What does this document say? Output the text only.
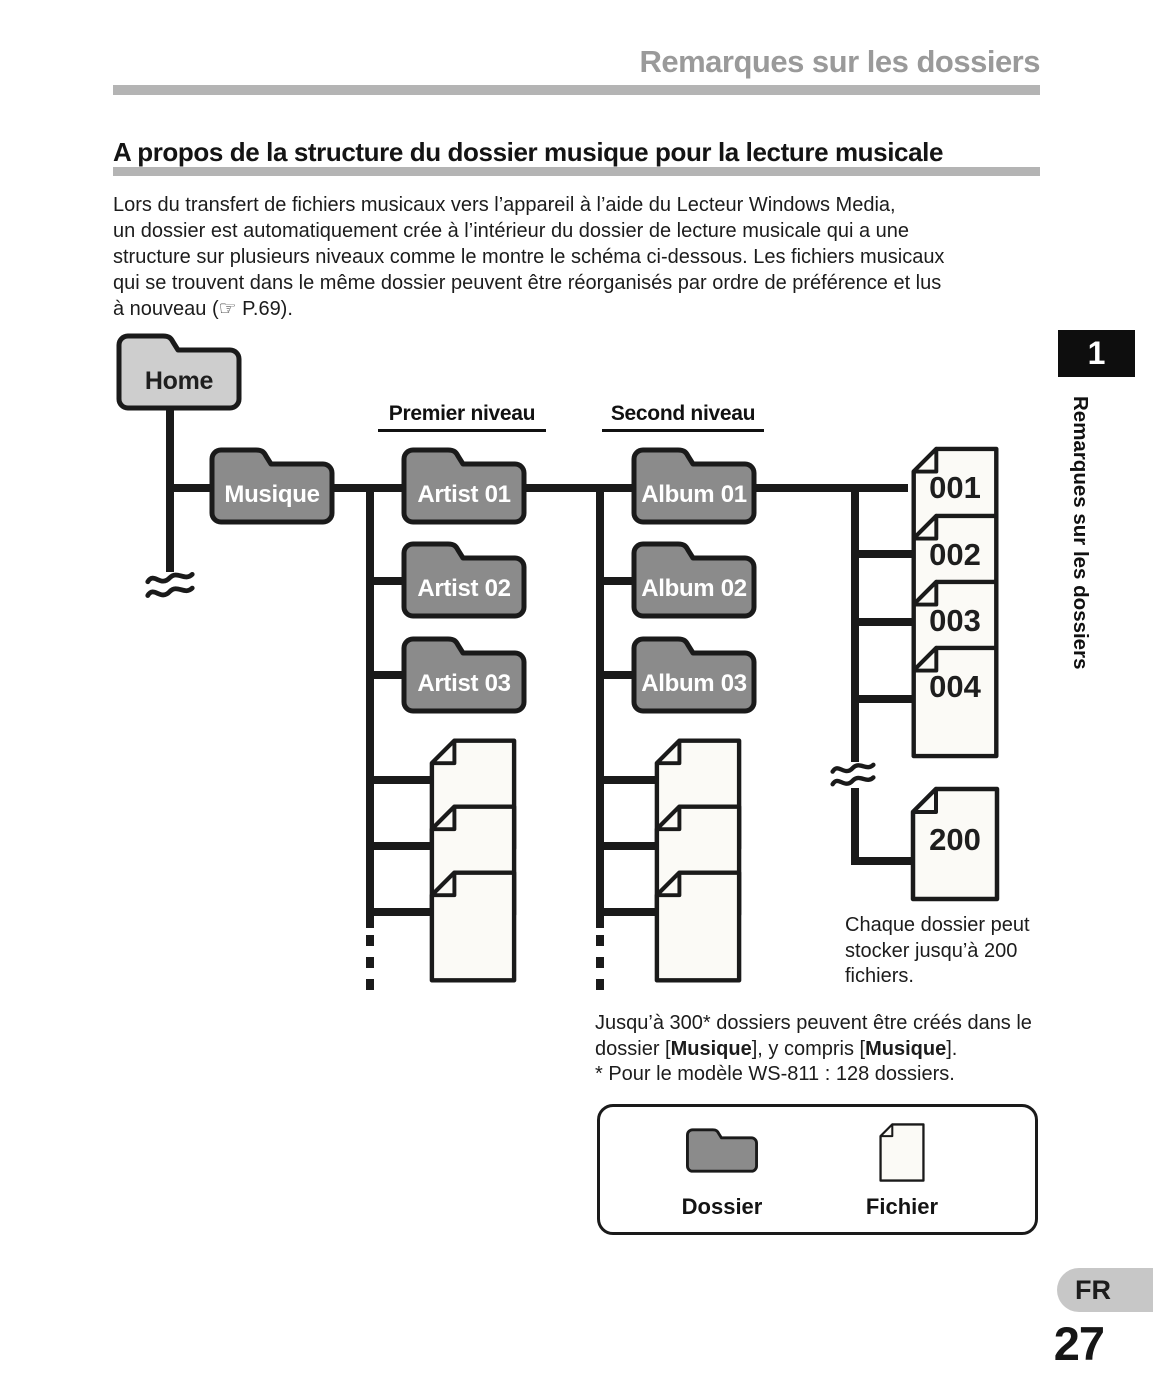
Remarques sur les dossiers
A propos de la structure du dossier musique pour la lecture musicale
Lors du transfert de fichiers musicaux vers l’appareil à l’aide du Lecteur Windows Media,
un dossier est automatiquement crée à l’intérieur du dossier de lecture musicale qui a une
structure sur plusieurs niveaux comme le montre le schéma ci-dessous. Les fichiers musicaux
qui se trouvent dans le même dossier peuvent être réorganisés par ordre de préférence et lus
à nouveau (☞ P.69).
Premier niveau	Second niveau
Home
Musique	Artist 01
Artist 02
Artist 03
Album 01
Album 02
Album 03
001
002
003
004
200
Chaque dossier peut
stocker jusqu’à 200
fichiers.
Jusqu’à 300* dossiers peuvent être créés dans le
dossier [Musique], y compris [Musique].
* Pour le modèle WS-811 : 128 dossiers.
Dossier	Fichier
1
Remarques sur les dossiers
FR
27
